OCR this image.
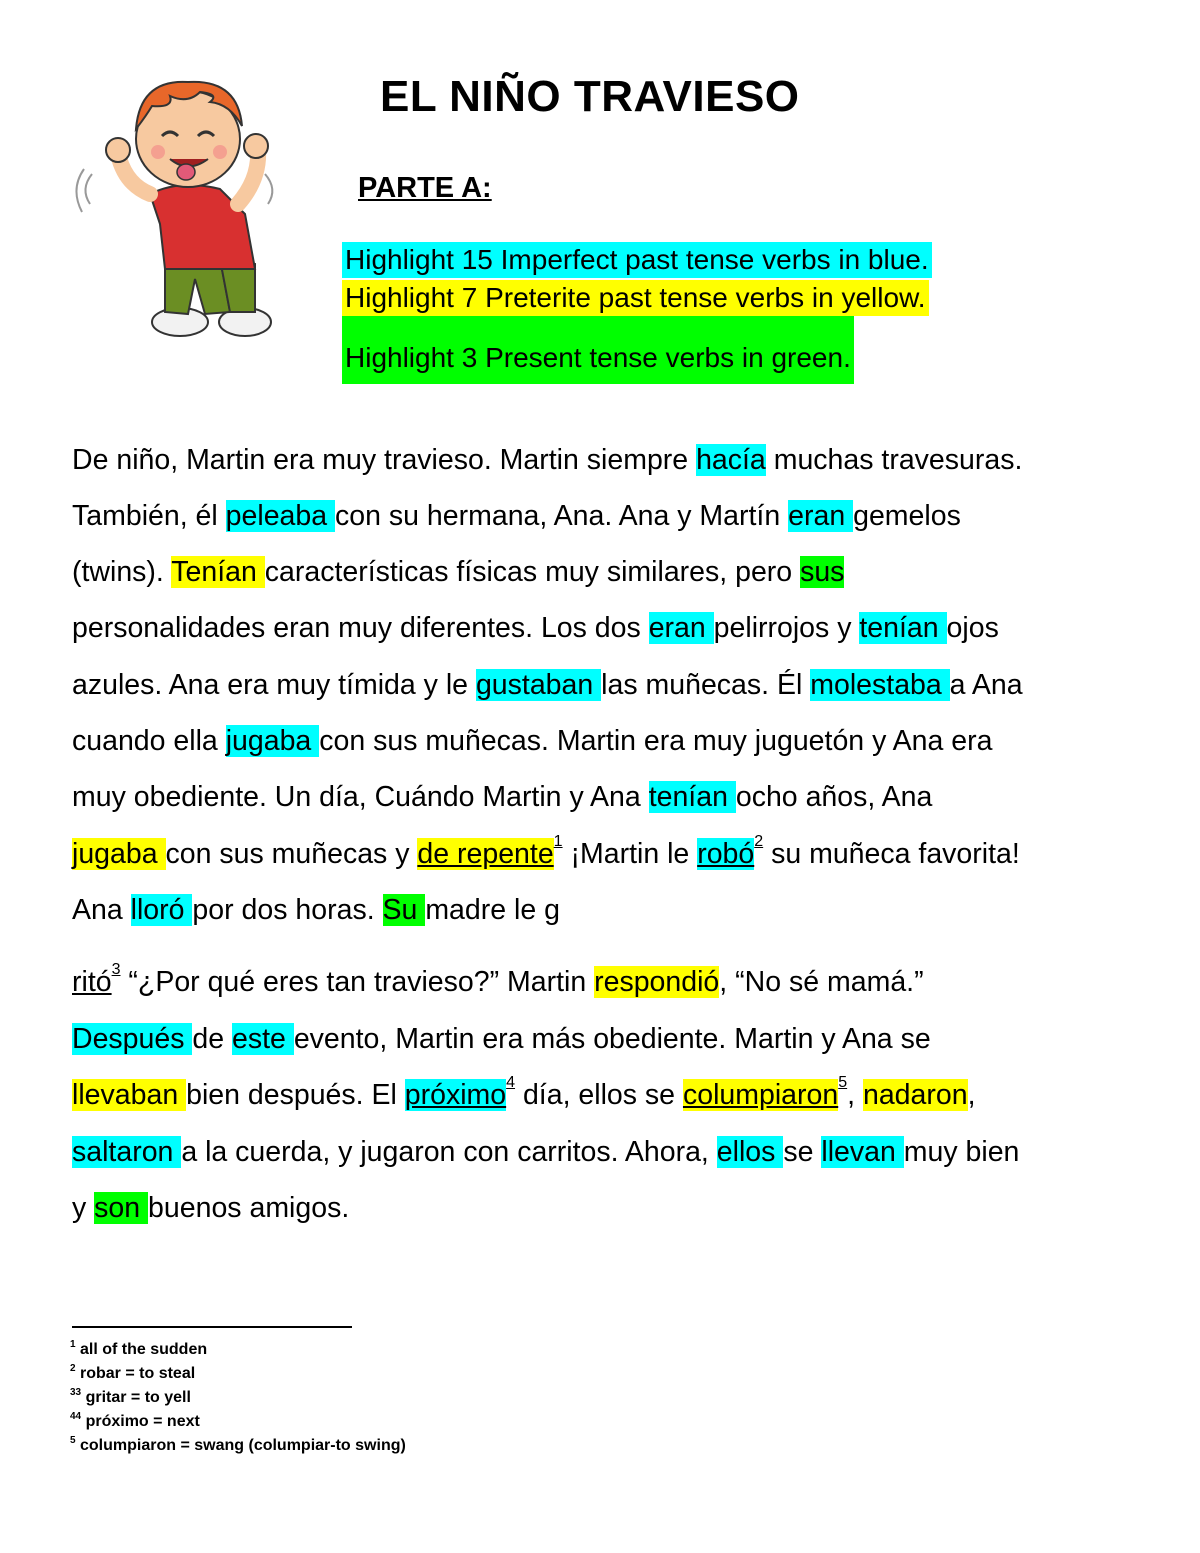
EL NIÑO TRAVIESO
PARTE A:
Highlight 15 Imperfect past tense verbs in blue.
Highlight 7 Preterite past tense verbs in yellow.
Highlight 3 Present tense verbs in green.
De niño, Martin era muy travieso. Martin siempre hacía muchas travesuras.
También, él peleaba con su hermana, Ana. Ana y Martín eran gemelos
(twins). Tenían características físicas muy similares, pero sus
personalidades eran muy diferentes. Los dos eran pelirrojos y tenían ojos
azules. Ana era muy tímida y le gustaban las muñecas. Él molestaba a Ana
cuando ella jugaba con sus muñecas. Martin era muy juguetón y Ana era
muy obediente. Un día, Cuándo Martin y Ana tenían ocho años, Ana
jugaba con sus muñecas y de repente$^1$ ¡Martin le robó$^2$ su muñeca favorita!
Ana lloró por dos horas. Su madre le g
ritó$^3$ “¿Por qué eres tan travieso?” Martin respondió, “No sé mamá.”
Después de este evento, Martin era más obediente. Martin y Ana se
llevaban bien después. El próximo$^4$ día, ellos se columpiaron$^5$, nadaron,
saltaron a la cuerda, y jugaron con carritos. Ahora, ellos se llevan muy bien
y son buenos amigos.
$^1$ all of the sudden
$^2$ robar = to steal
$^{33}$ gritar = to yell
$^{44}$ próximo = next
$^5$ columpiaron = swang (columpiar-to swing)
